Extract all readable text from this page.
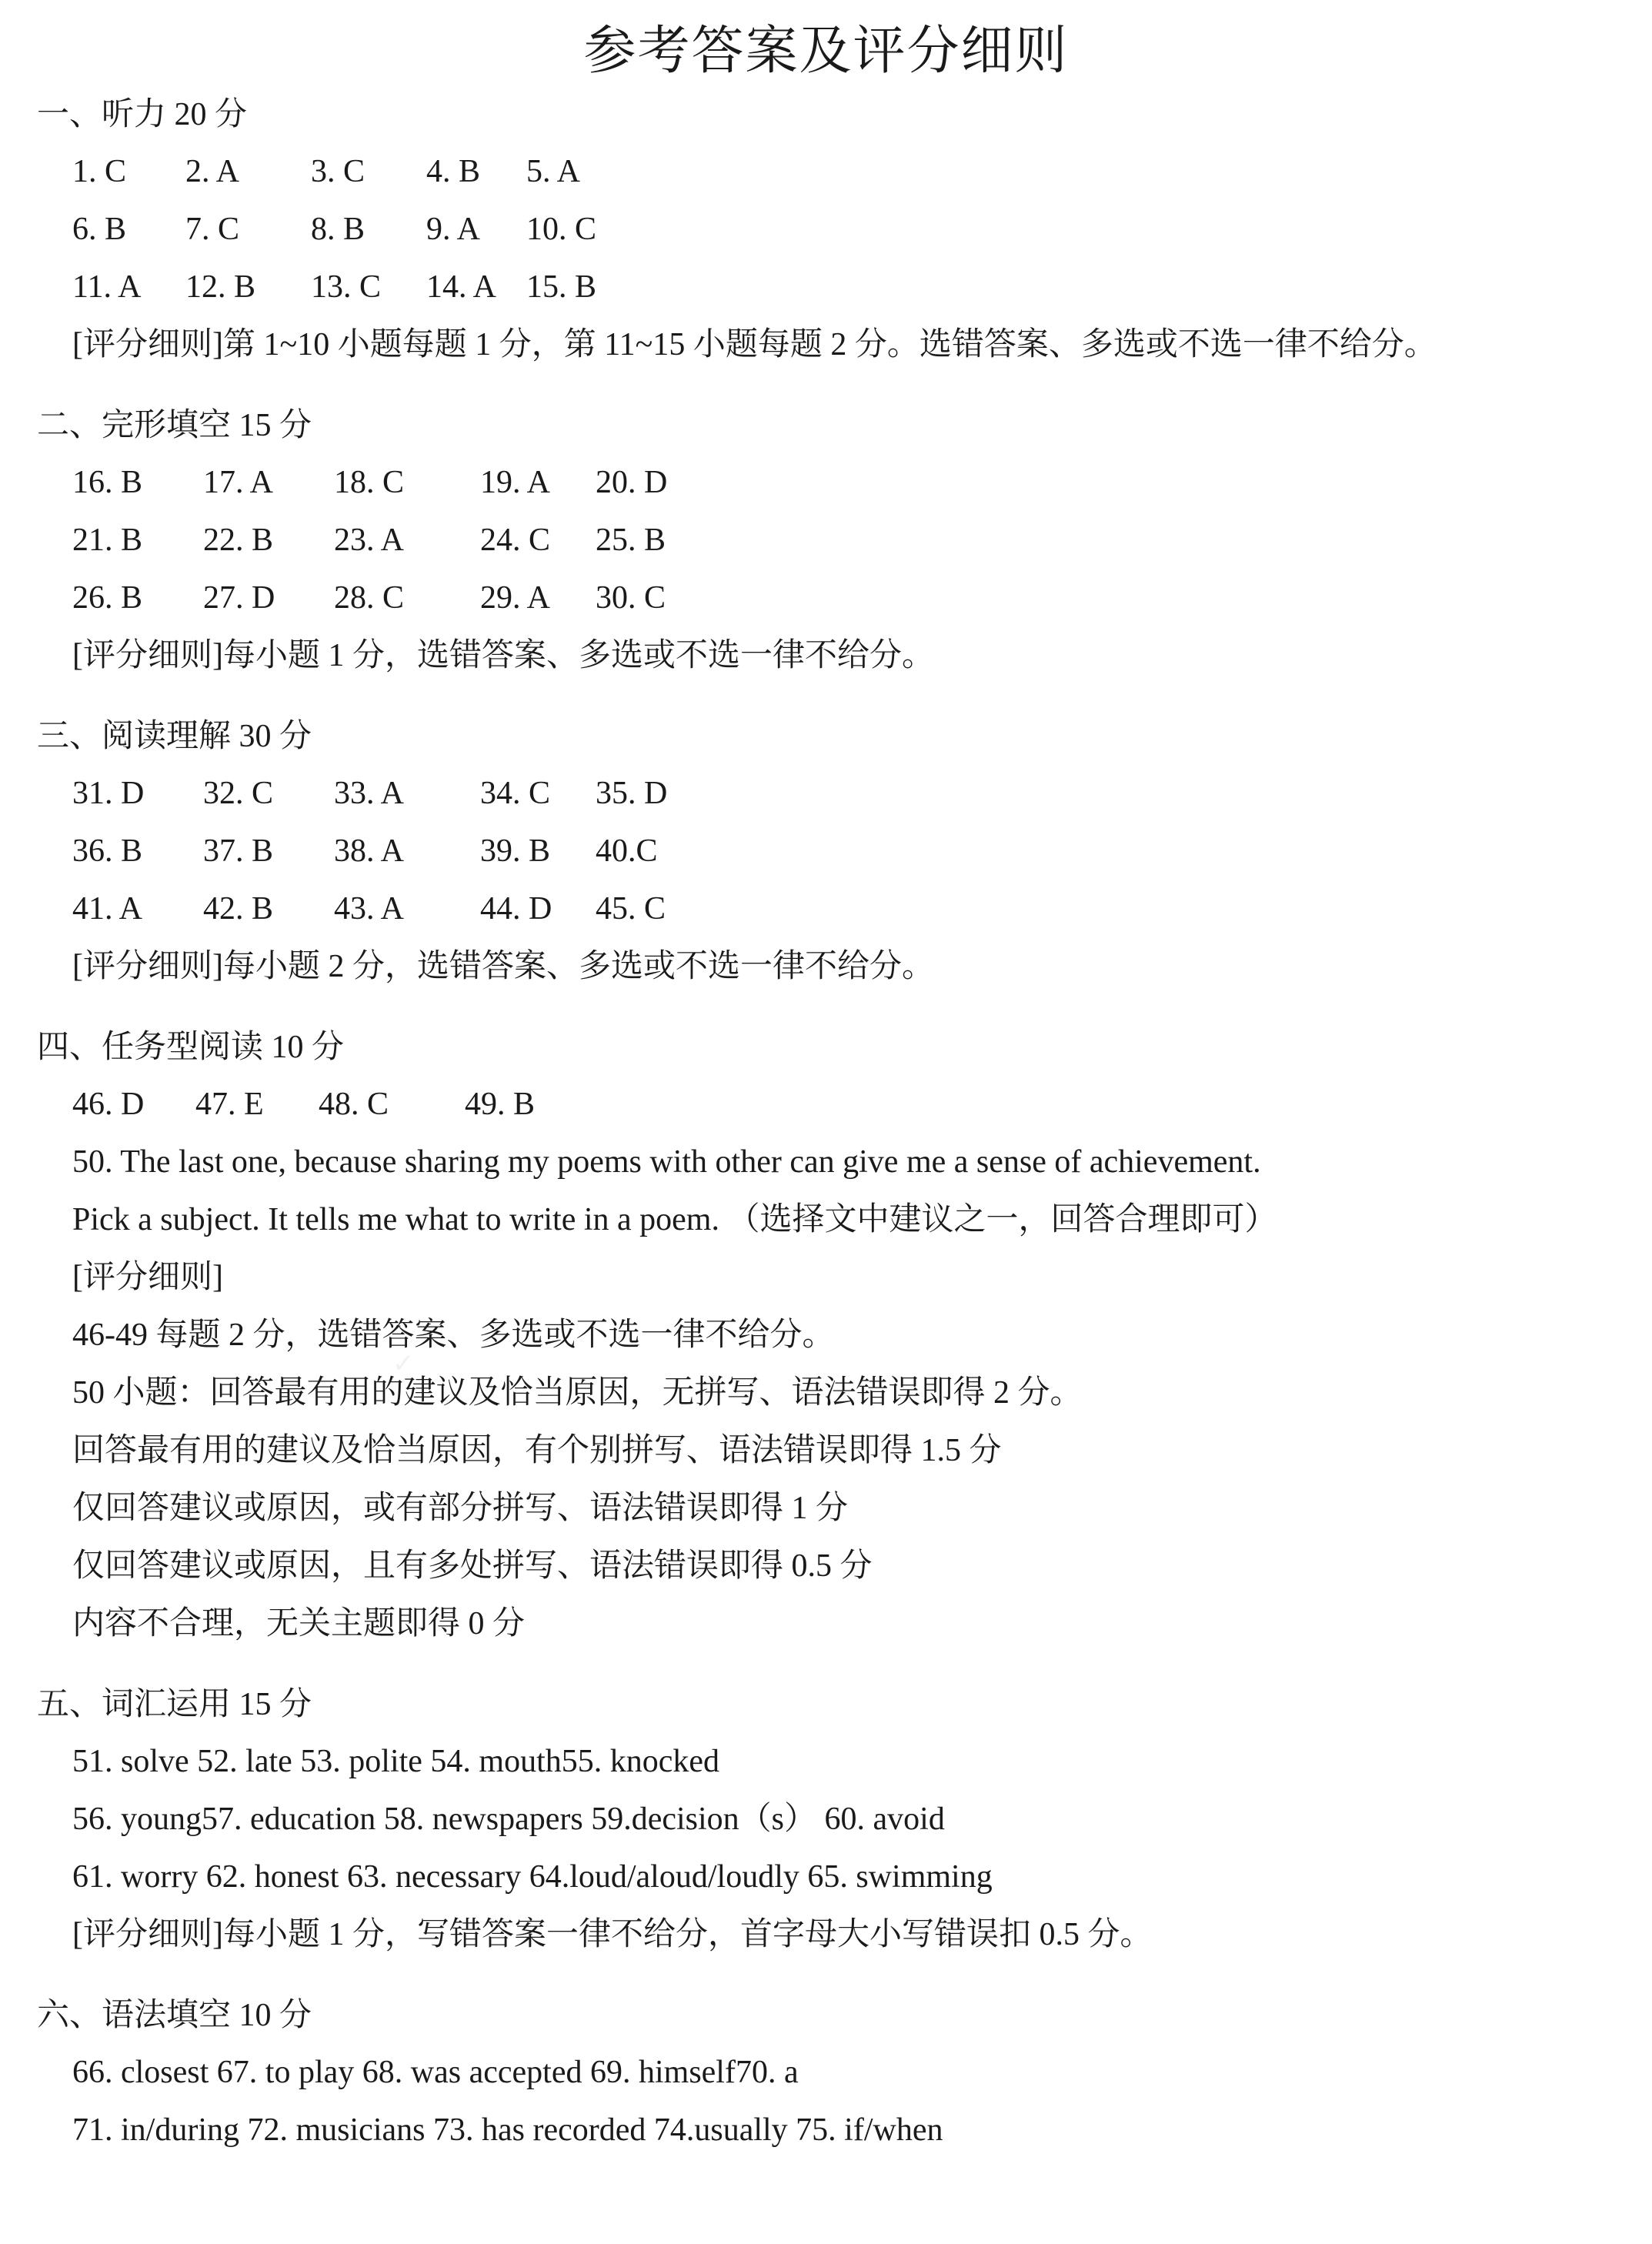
参考答案及评分细则
一、听力 20 分
1. C 2. A 3. C 4. B 5. A
6. B 7. C 8. B 9. A 10. C
11. A 12. B 13. C 14. A 15. B
[评分细则]第 1~10 小题每题 1 分，第 11~15 小题每题 2 分。选错答案、多选或不选一律不给分。
二、完形填空 15 分
16. B 17. A 18. C 19. A 20. D
21. B 22. B 23. A 24. C 25. B
26. B 27. D 28. C 29. A 30. C
[评分细则]每小题 1 分，选错答案、多选或不选一律不给分。
三、阅读理解 30 分
31. D 32. C 33. A 34. C 35. D
36. B 37. B 38. A 39. B 40.C
41. A 42. B 43. A 44. D 45. C
[评分细则]每小题 2 分，选错答案、多选或不选一律不给分。
四、任务型阅读 10 分
46. D 47. E 48. C 49. B
50. The last one, because sharing my poems with other can give me a sense of achievement.
Pick a subject. It tells me what to write in a poem. （选择文中建议之一，回答合理即可）
[评分细则]
46-49 每题 2 分，选错答案、多选或不选一律不给分。
50 小题：回答最有用的建议及恰当原因，无拼写、语法错误即得 2 分。
回答最有用的建议及恰当原因，有个别拼写、语法错误即得 1.5 分
仅回答建议或原因，或有部分拼写、语法错误即得 1 分
仅回答建议或原因，且有多处拼写、语法错误即得 0.5 分
内容不合理，无关主题即得 0 分
五、词汇运用 15 分
51. solve 52. late 53. polite 54. mouth55. knocked
56. young57. education 58. newspapers 59.decision（s） 60. avoid
61. worry 62. honest 63. necessary 64.loud/aloud/loudly 65. swimming
[评分细则]每小题 1 分，写错答案一律不给分，首字母大小写错误扣 0.5 分。
六、语法填空 10 分
66. closest 67. to play 68. was accepted 69. himself70. a
71. in/during 72. musicians 73. has recorded 74.usually 75. if/when
✓
